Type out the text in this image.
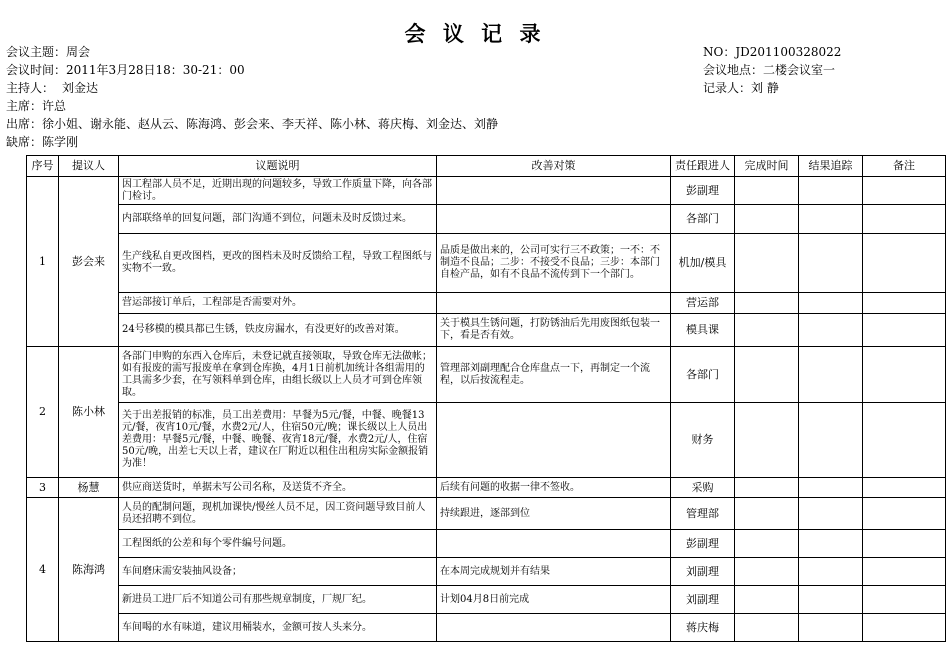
会 议 记 录
会议主题：周会
会议时间：2011年3月28日18：30-21：00
主持人： 刘金达
主席：许总
出席：徐小姐、谢永能、赵从云、陈海鸿、彭会来、李天祥、陈小林、蒋庆梅、刘金达、刘静
缺席：陈学刚
NO：JD201100328022
会议地点：二楼会议室一
记录人：刘 静
序号	提议人	议题说明	改善对策	责任跟进人	完成时间	结果追踪	备注
1	彭会来	因工程部人员不足，近期出现的问题较多，导致工作质量下降，向各部门检讨。		彭副理			
		内部联络单的回复问题，部门沟通不到位，问题未及时反馈过来。		各部门			
		生产线私自更改图档，更改的图档未及时反馈给工程，导致工程图纸与实物不一致。	品质是做出来的，公司可实行三不政策；一不：不制造不良品；二步：不接受不良品；三步：本部门自检产品，如有不良品不流传到下一个部门。	机加/模具			
		营运部接订单后，工程部是否需要对外。		营运部			
		24号移模的模具都已生锈，铁皮房漏水，有没更好的改善对策。	关于模具生锈问题，打防锈油后先用废图纸包装一下，看是否有效。	模具课			
2	陈小林	各部门申购的东西入仓库后，未登记就直接领取，导致仓库无法做帐；如有报废的需写报废单在拿到仓库换，4月1日前机加统计各组需用的工具需多少套，在写领料单到仓库，由组长级以上人员才可到仓库领取。	管理部刘副理配合仓库盘点一下，再制定一个流程，以后按流程走。	各部门			
		关于出差报销的标准，员工出差费用：早餐为5元/餐，中餐、晚餐13元/餐，夜宵10元/餐，水费2元/人，住宿50元/晚；课长级以上人员出差费用：早餐5元/餐，中餐、晚餐、夜宵18元/餐，水费2元/人，住宿50元/晚，出差七天以上者，建议在厂附近以租住出租房实际金额报销为准！		财务			
3	杨慧	供应商送货时，单据未写公司名称，及送货不齐全。	后续有问题的收据一律不签收。	采购			
4	陈海鸿	人员的配制问题，现机加课快/慢丝人员不足，因工资问题导致目前人员还招聘不到位。	持续跟进，逐部到位	管理部			
		工程图纸的公差和每个零件编号问题。		彭副理			
		车间磨床需安装抽风设备；	在本周完成规划并有结果	刘副理			
		新进员工进厂后不知道公司有那些规章制度，厂规厂纪。	计划04月8日前完成	刘副理			
		车间喝的水有味道，建议用桶装水，金额可按人头来分。		蒋庆梅			
